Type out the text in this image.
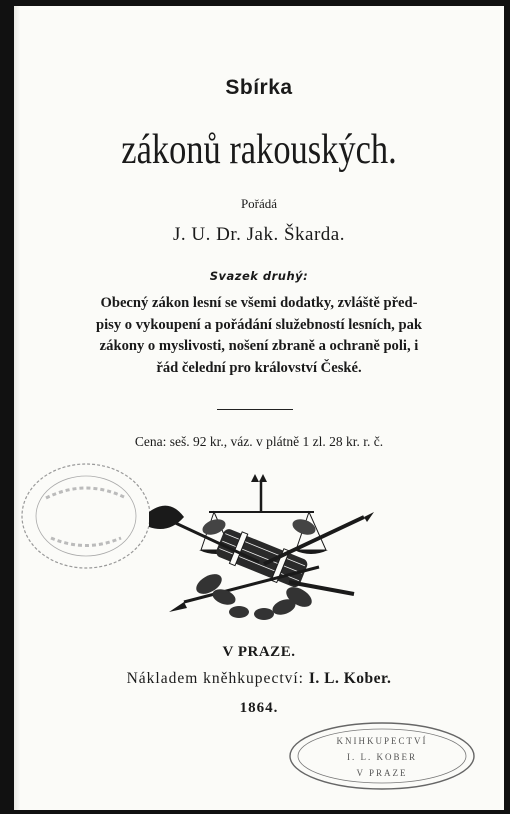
Sbírka
zákonů rakouských.
Pořádá
J. U. Dr. Jak. Škarda.
Svazek druhý:
Obecný zákon lesní se všemi dodatky, zvláště před-
pisy o vykoupení a pořádání služebností lesních, pak
zákony o myslivosti, nošení zbraně a ochraně poli, i
řád čelední pro království České.
Cena: seš. 92 kr., váz. v plátně 1 zl. 28 kr. r. č.
V PRAZE.
Nákladem kněhkupectví: I. L. Kober.
1864.
KNIHKUPECTVÍ
I. L. KOBER
V PRAZE
